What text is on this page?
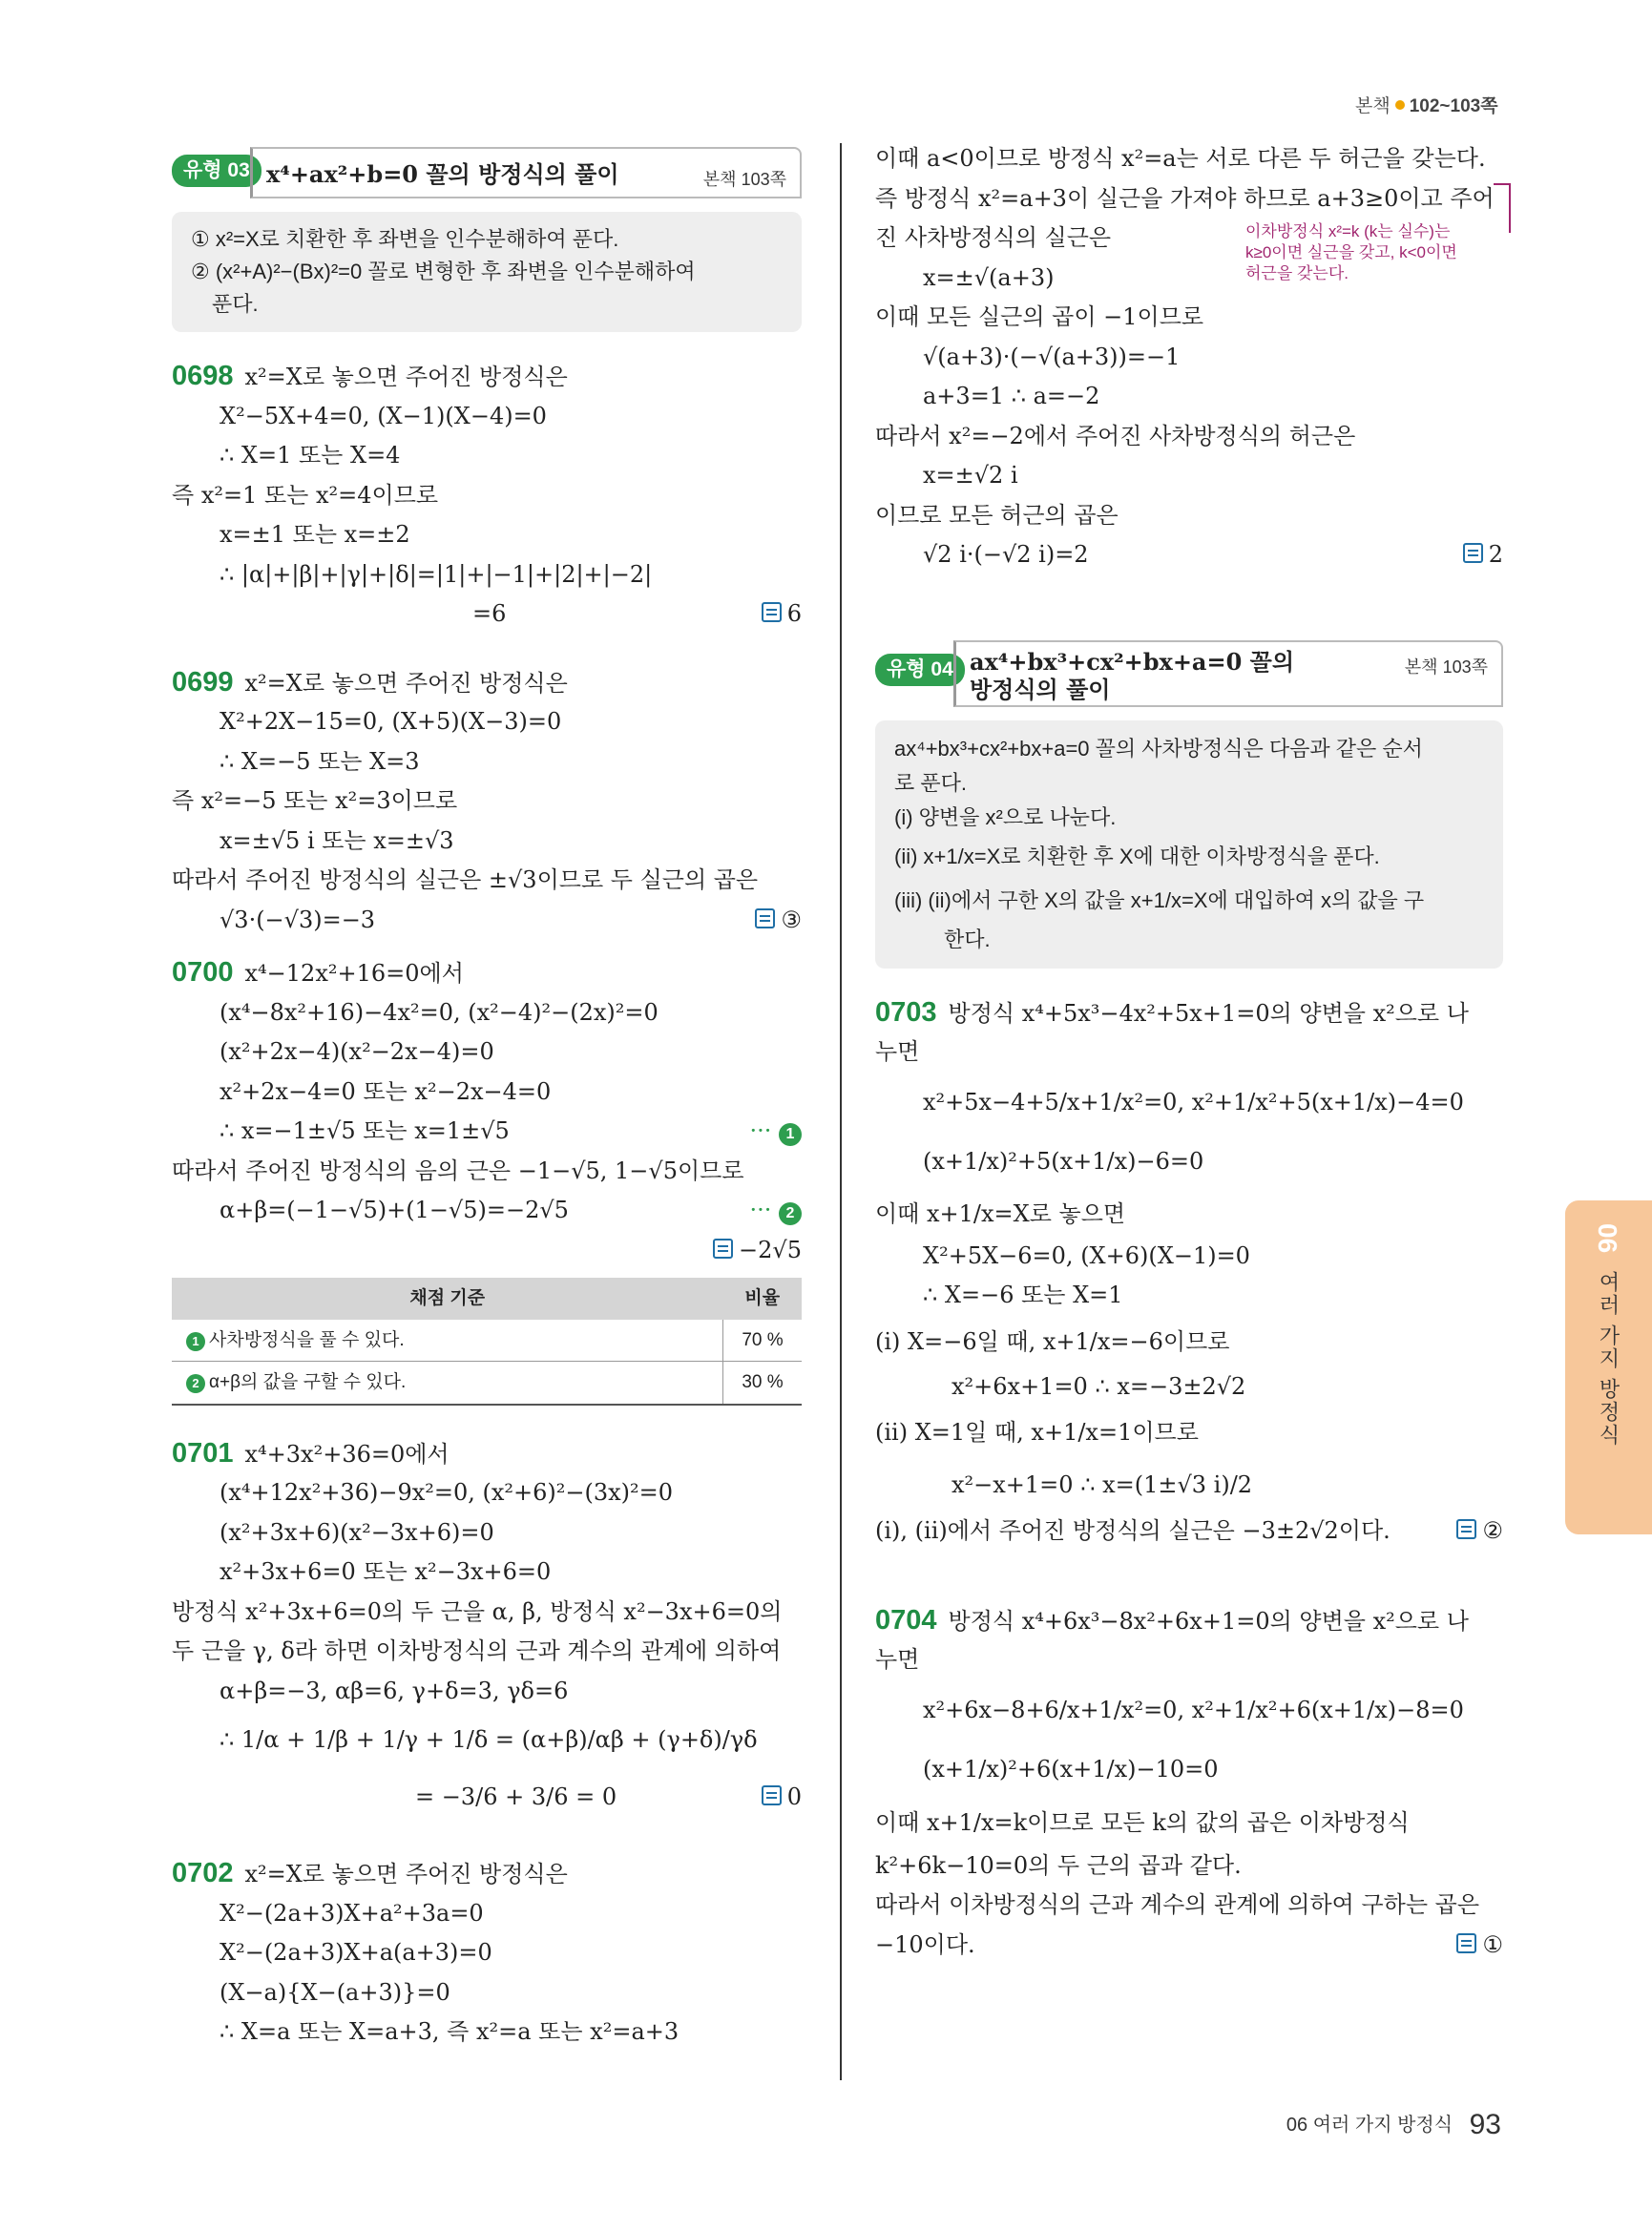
본책 102~103쪽
유형 03 x⁴+ax²+b=0 꼴의 방정식의 풀이	본책 103쪽
① x²=X로 치환한 후 좌변을 인수분해하여 푼다.
② (x²+A)²−(Bx)²=0 꼴로 변형한 후 좌변을 인수분해하여
푼다.
0698 x²=X로 놓으면 주어진 방정식은
X²−5X+4=0, (X−1)(X−4)=0
∴ X=1 또는 X=4
즉 x²=1 또는 x²=4이므로
x=±1 또는 x=±2
∴ |α|+|β|+|γ|+|δ|=|1|+|−1|+|2|+|−2|
=6	6
0699 x²=X로 놓으면 주어진 방정식은
X²+2X−15=0, (X+5)(X−3)=0
∴ X=−5 또는 X=3
즉 x²=−5 또는 x²=3이므로
x=±√5 i 또는 x=±√3
따라서 주어진 방정식의 실근은 ±√3이므로 두 실근의 곱은
√3·(−√3)=−3	③
0700 x⁴−12x²+16=0에서
(x⁴−8x²+16)−4x²=0, (x²−4)²−(2x)²=0
(x²+2x−4)(x²−2x−4)=0
x²+2x−4=0 또는 x²−2x−4=0
∴ x=−1±√5 또는 x=1±√5	··· 1
따라서 주어진 방정식의 음의 근은 −1−√5, 1−√5이므로
α+β=(−1−√5)+(1−√5)=−2√5	··· 2
−2√5
채점 기준	비율
1 사차방정식을 풀 수 있다.	70 %
2 α+β의 값을 구할 수 있다.	30 %
0701 x⁴+3x²+36=0에서
(x⁴+12x²+36)−9x²=0, (x²+6)²−(3x)²=0
(x²+3x+6)(x²−3x+6)=0
x²+3x+6=0 또는 x²−3x+6=0
방정식 x²+3x+6=0의 두 근을 α, β, 방정식 x²−3x+6=0의
두 근을 γ, δ라 하면 이차방정식의 근과 계수의 관계에 의하여
α+β=−3, αβ=6, γ+δ=3, γδ=6
∴ 1/α + 1/β + 1/γ + 1/δ = (α+β)/αβ + (γ+δ)/γδ
= −3/6 + 3/6 = 0	0
0702 x²=X로 놓으면 주어진 방정식은
X²−(2a+3)X+a²+3a=0
X²−(2a+3)X+a(a+3)=0
(X−a){X−(a+3)}=0
∴ X=a 또는 X=a+3, 즉 x²=a 또는 x²=a+3
이때 a<0이므로 방정식 x²=a는 서로 다른 두 허근을 갖는다.
즉 방정식 x²=a+3이 실근을 가져야 하므로 a+3≥0이고 주어
진 사차방정식의 실근은
x=±√(a+3)
이때 모든 실근의 곱이 −1이므로
√(a+3)·(−√(a+3))=−1
a+3=1 ∴ a=−2
따라서 x²=−2에서 주어진 사차방정식의 허근은
x=±√2 i
이므로 모든 허근의 곱은
√2 i·(−√2 i)=2	2
유형 04 ax⁴+bx³+cx²+bx+a=0 꼴의
방정식의 풀이
본책 103쪽
ax⁴+bx³+cx²+bx+a=0 꼴의 사차방정식은 다음과 같은 순서
로 푼다.
(i) 양변을 x²으로 나눈다.
(ii) x+1/x=X로 치환한 후 X에 대한 이차방정식을 푼다.
(iii) (ii)에서 구한 X의 값을 x+1/x=X에 대입하여 x의 값을 구
한다.
0703 방정식 x⁴+5x³−4x²+5x+1=0의 양변을 x²으로 나
누면
x²+5x−4+5/x+1/x²=0, x²+1/x²+5(x+1/x)−4=0
(x+1/x)²+5(x+1/x)−6=0
이때 x+1/x=X로 놓으면
X²+5X−6=0, (X+6)(X−1)=0
∴ X=−6 또는 X=1
(i) X=−6일 때, x+1/x=−6이므로
x²+6x+1=0 ∴ x=−3±2√2
(ii) X=1일 때, x+1/x=1이므로
x²−x+1=0 ∴ x=(1±√3 i)/2
(i), (ii)에서 주어진 방정식의 실근은 −3±2√2이다.	②
0704 방정식 x⁴+6x³−8x²+6x+1=0의 양변을 x²으로 나
누면
x²+6x−8+6/x+1/x²=0, x²+1/x²+6(x+1/x)−8=0
(x+1/x)²+6(x+1/x)−10=0
이때 x+1/x=k이므로 모든 k의 값의 곱은 이차방정식
k²+6k−10=0의 두 근의 곱과 같다.
따라서 이차방정식의 근과 계수의 관계에 의하여 구하는 곱은
−10이다.	①
이차방정식 x²=k (k는 실수)는
k≥0이면 실근을 갖고, k<0이면
허근을 갖는다.
06
여러 가지 방정식
06 여러 가지 방정식 93
